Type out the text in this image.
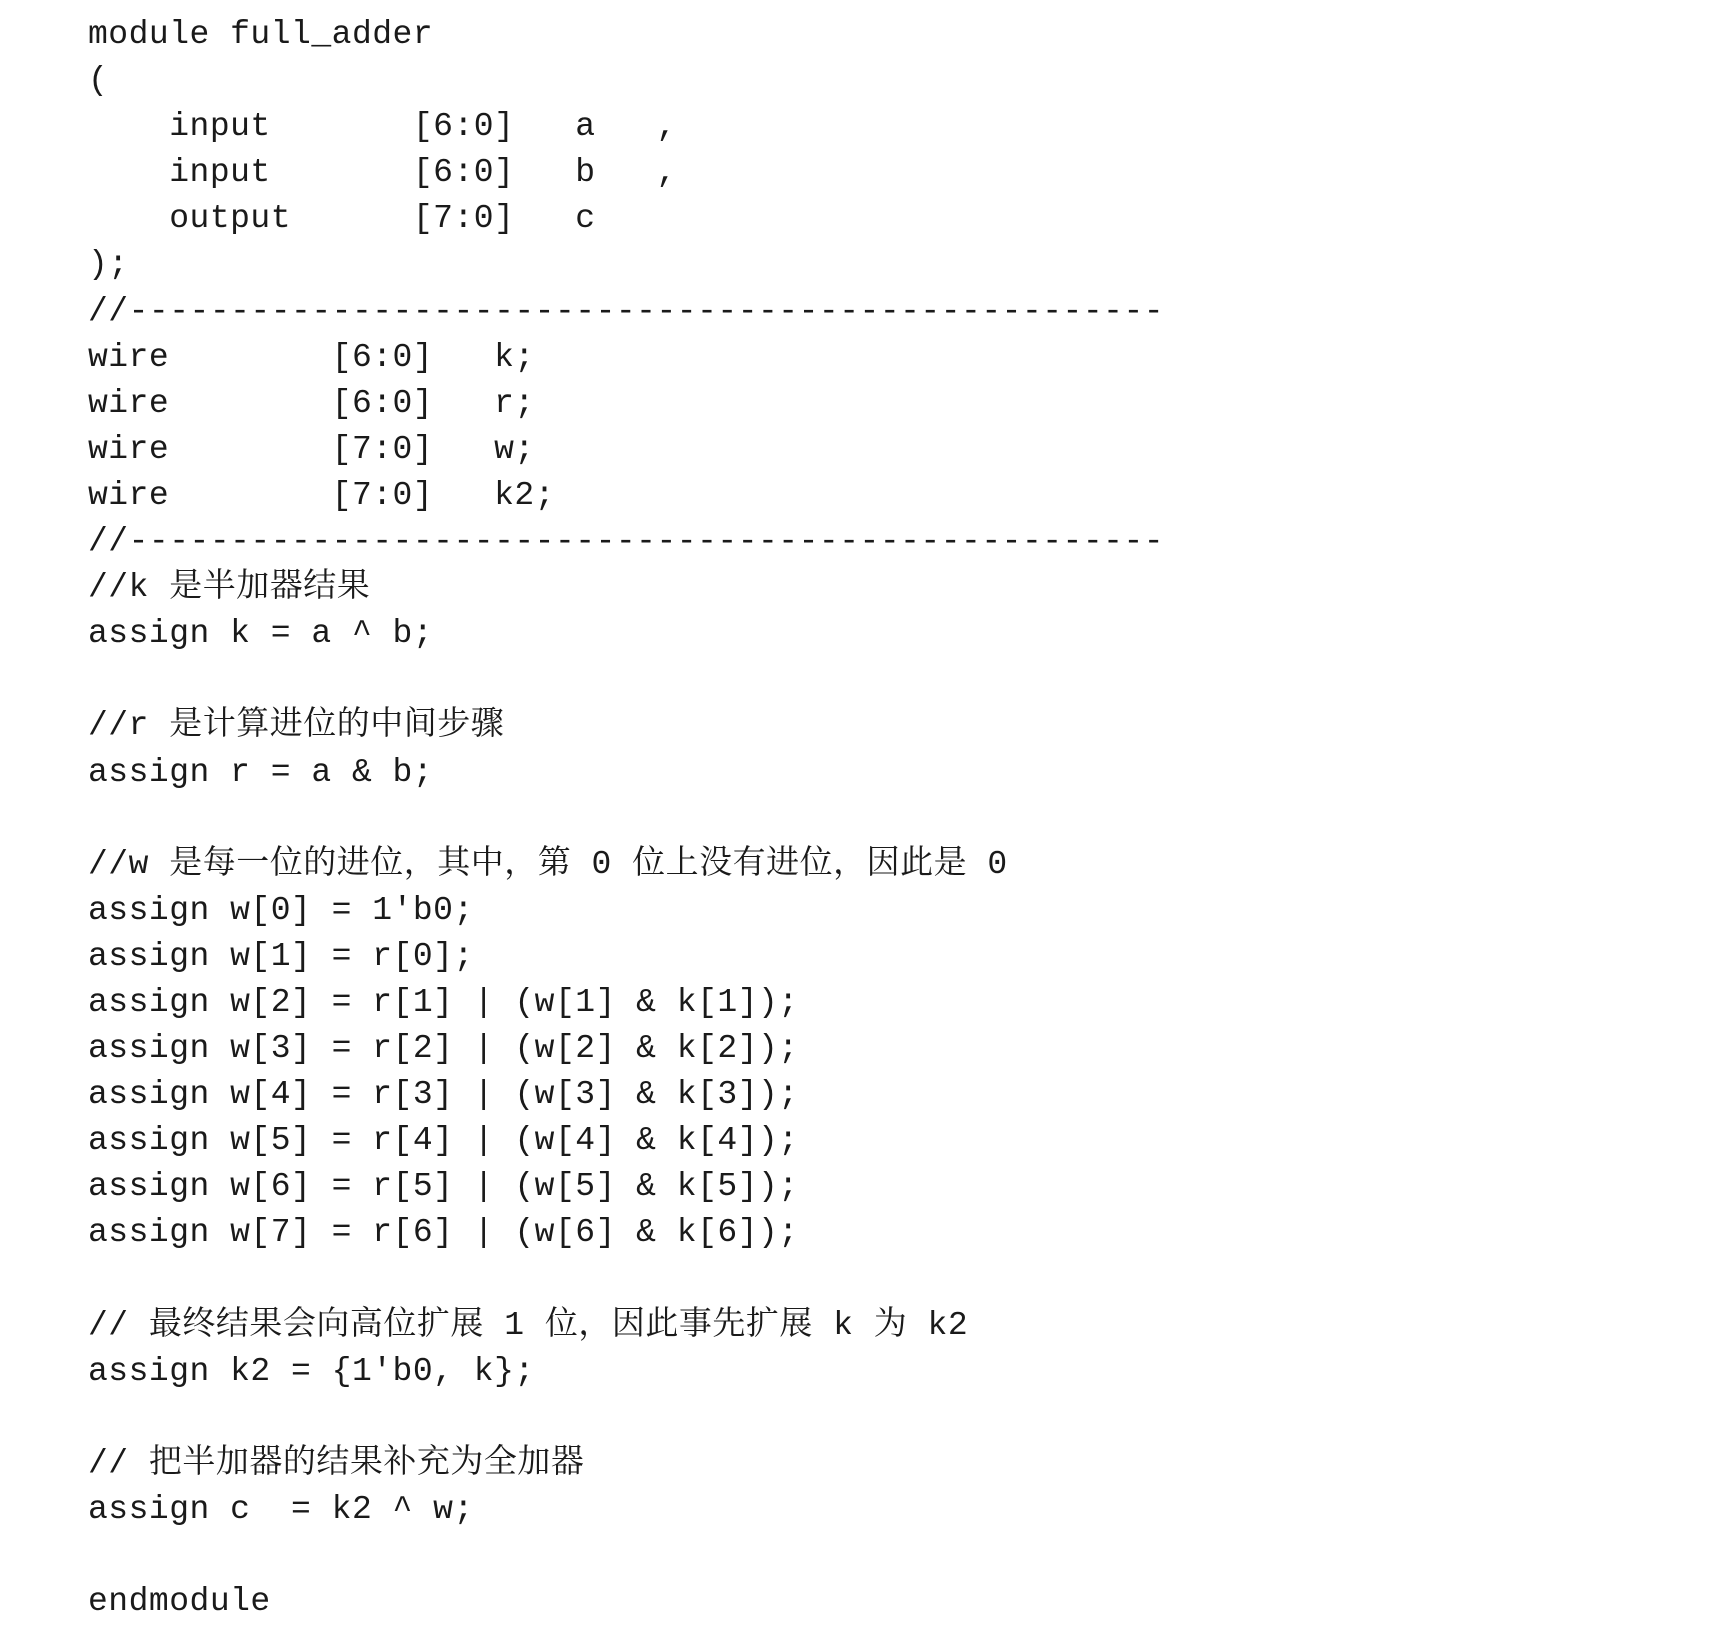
module full_adder
(
input       [6:0]   a   ,
input       [6:0]   b   ,
output      [7:0]   c
);
//---------------------------------------------------
wire        [6:0]   k;
wire        [6:0]   r;
wire        [7:0]   w;
wire        [7:0]   k2;
//---------------------------------------------------
//k 是半加器结果
assign k = a ^ b;
//r 是计算进位的中间步骤
assign r = a & b;
//w 是每一位的进位，其中，第 0 位上没有进位，因此是 0
assign w[0] = 1'b0;
assign w[1] = r[0];
assign w[2] = r[1] | (w[1] & k[1]);
assign w[3] = r[2] | (w[2] & k[2]);
assign w[4] = r[3] | (w[3] & k[3]);
assign w[5] = r[4] | (w[4] & k[4]);
assign w[6] = r[5] | (w[5] & k[5]);
assign w[7] = r[6] | (w[6] & k[6]);
// 最终结果会向高位扩展 1 位，因此事先扩展 k 为 k2
assign k2 = {1'b0, k};
// 把半加器的结果补充为全加器
assign c  = k2 ^ w;
endmodule
